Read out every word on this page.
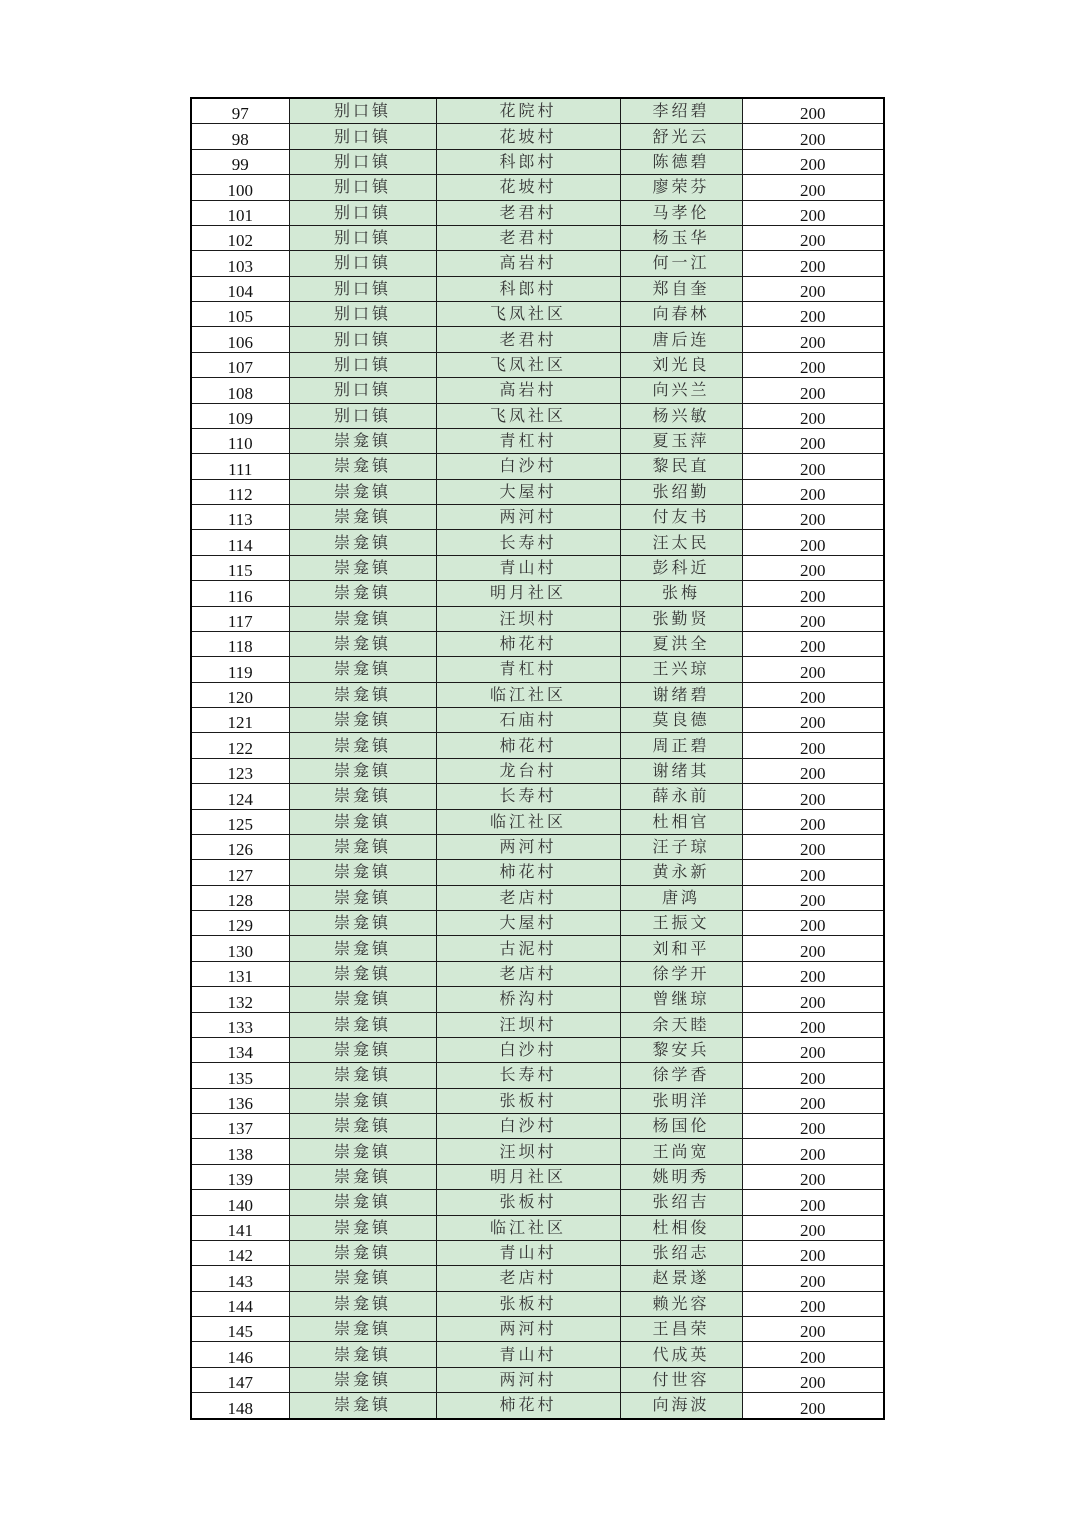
97	别口镇	花院村	李绍碧	200
98	别口镇	花坡村	舒光云	200
99	别口镇	科郎村	陈德碧	200
100	别口镇	花坡村	廖荣芬	200
101	别口镇	老君村	马孝伦	200
102	别口镇	老君村	杨玉华	200
103	别口镇	高岩村	何一江	200
104	别口镇	科郎村	郑自奎	200
105	别口镇	飞凤社区	向春林	200
106	别口镇	老君村	唐后连	200
107	别口镇	飞凤社区	刘光良	200
108	别口镇	高岩村	向兴兰	200
109	别口镇	飞凤社区	杨兴敏	200
110	崇龛镇	青杠村	夏玉萍	200
111	崇龛镇	白沙村	黎民直	200
112	崇龛镇	大屋村	张绍勤	200
113	崇龛镇	两河村	付友书	200
114	崇龛镇	长寿村	汪太民	200
115	崇龛镇	青山村	彭科近	200
116	崇龛镇	明月社区	张梅	200
117	崇龛镇	汪坝村	张勤贤	200
118	崇龛镇	柿花村	夏洪全	200
119	崇龛镇	青杠村	王兴琼	200
120	崇龛镇	临江社区	谢绪碧	200
121	崇龛镇	石庙村	莫良德	200
122	崇龛镇	柿花村	周正碧	200
123	崇龛镇	龙台村	谢绪其	200
124	崇龛镇	长寿村	薛永前	200
125	崇龛镇	临江社区	杜相官	200
126	崇龛镇	两河村	汪子琼	200
127	崇龛镇	柿花村	黄永新	200
128	崇龛镇	老店村	唐鸿	200
129	崇龛镇	大屋村	王振文	200
130	崇龛镇	古泥村	刘和平	200
131	崇龛镇	老店村	徐学开	200
132	崇龛镇	桥沟村	曾继琼	200
133	崇龛镇	汪坝村	余天睦	200
134	崇龛镇	白沙村	黎安兵	200
135	崇龛镇	长寿村	徐学香	200
136	崇龛镇	张板村	张明洋	200
137	崇龛镇	白沙村	杨国伦	200
138	崇龛镇	汪坝村	王尚宽	200
139	崇龛镇	明月社区	姚明秀	200
140	崇龛镇	张板村	张绍吉	200
141	崇龛镇	临江社区	杜相俊	200
142	崇龛镇	青山村	张绍志	200
143	崇龛镇	老店村	赵景遂	200
144	崇龛镇	张板村	赖光容	200
145	崇龛镇	两河村	王昌荣	200
146	崇龛镇	青山村	代成英	200
147	崇龛镇	两河村	付世容	200
148	崇龛镇	柿花村	向海波	200
